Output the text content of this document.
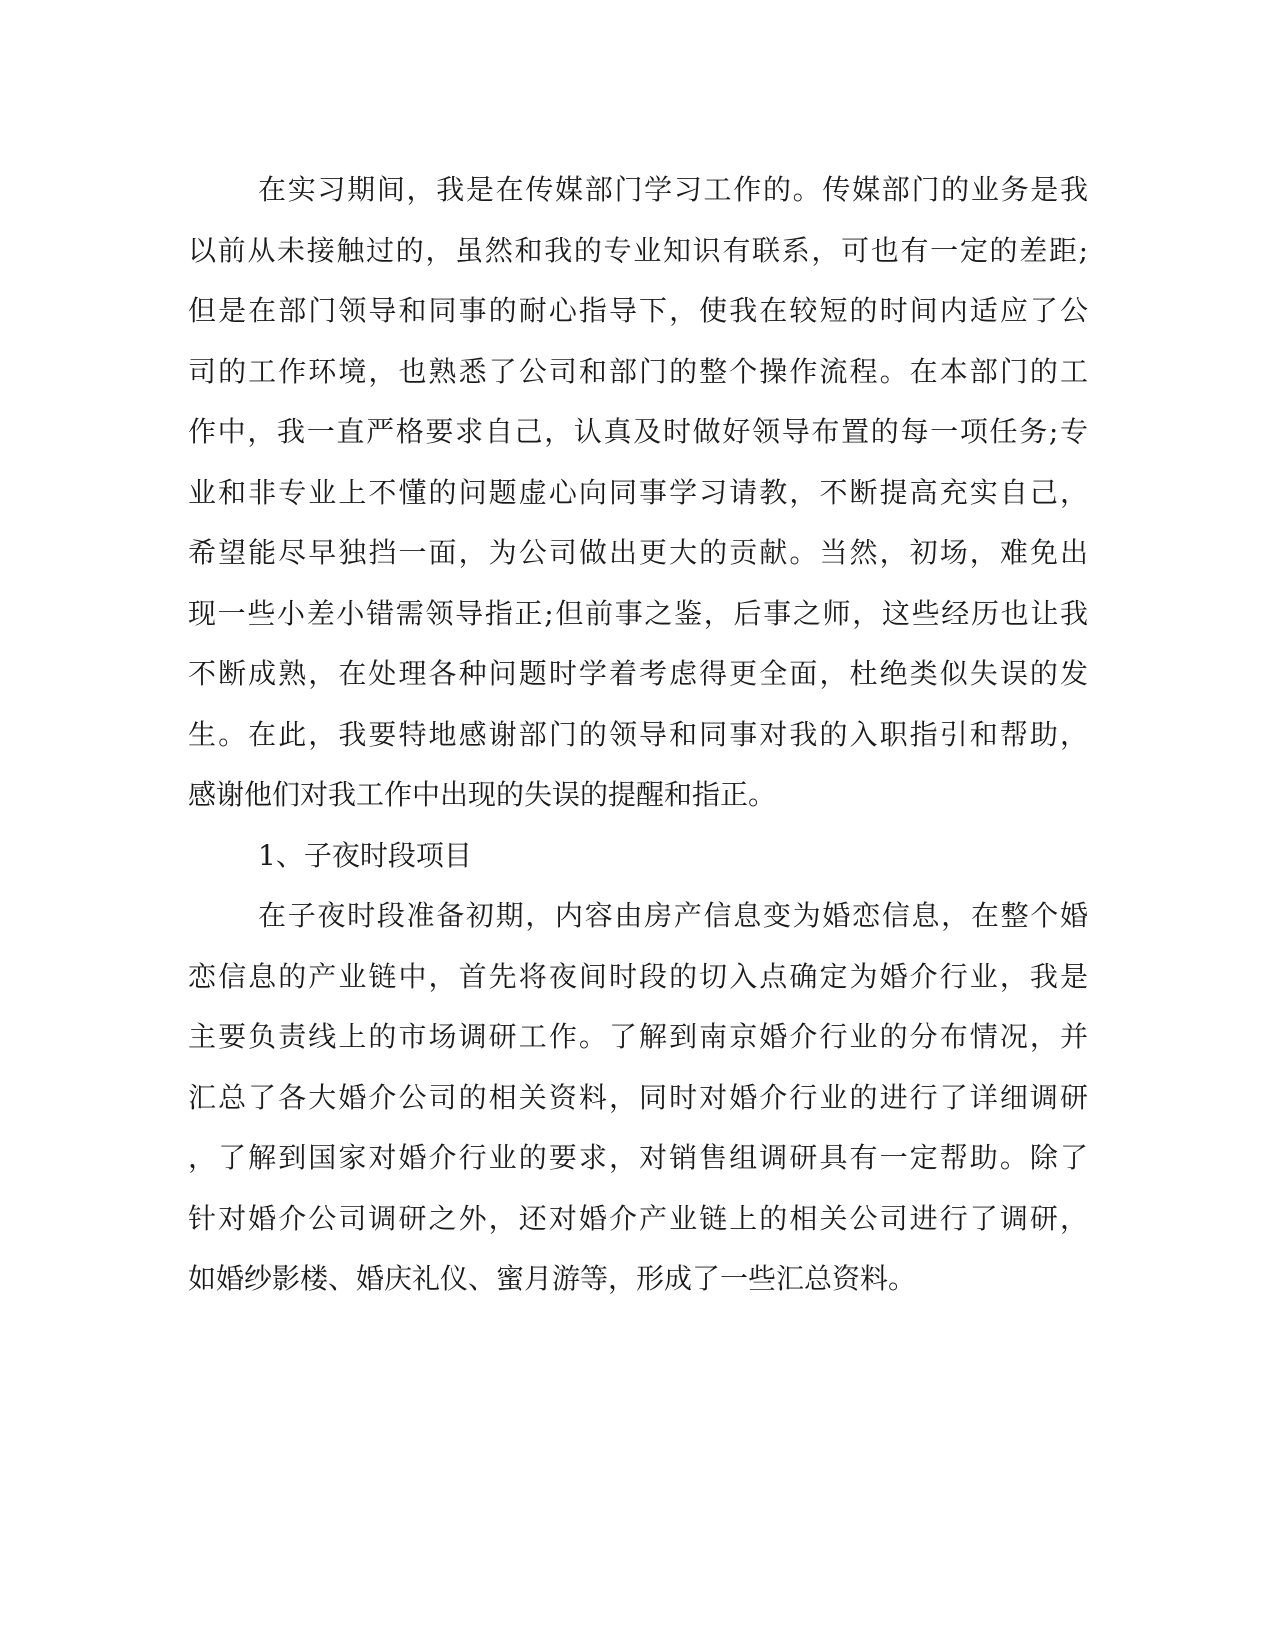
在实习期间，我是在传媒部门学习工作的。传媒部门的业务是我
以前从未接触过的，虽然和我的专业知识有联系，可也有一定的差距;
但是在部门领导和同事的耐心指导下，使我在较短的时间内适应了公
司的工作环境，也熟悉了公司和部门的整个操作流程。在本部门的工
作中，我一直严格要求自己，认真及时做好领导布置的每一项任务;专
业和非专业上不懂的问题虚心向同事学习请教，不断提高充实自己，
希望能尽早独挡一面，为公司做出更大的贡献。当然，初场，难免出
现一些小差小错需领导指正;但前事之鉴，后事之师，这些经历也让我
不断成熟，在处理各种问题时学着考虑得更全面，杜绝类似失误的发
生。在此，我要特地感谢部门的领导和同事对我的入职指引和帮助，
感谢他们对我工作中出现的失误的提醒和指正。
1、子夜时段项目
在子夜时段准备初期，内容由房产信息变为婚恋信息，在整个婚
恋信息的产业链中，首先将夜间时段的切入点确定为婚介行业，我是
主要负责线上的市场调研工作。了解到南京婚介行业的分布情况，并
汇总了各大婚介公司的相关资料，同时对婚介行业的进行了详细调研
，了解到国家对婚介行业的要求，对销售组调研具有一定帮助。除了
针对婚介公司调研之外，还对婚介产业链上的相关公司进行了调研，
如婚纱影楼、婚庆礼仪、蜜月游等，形成了一些汇总资料。
